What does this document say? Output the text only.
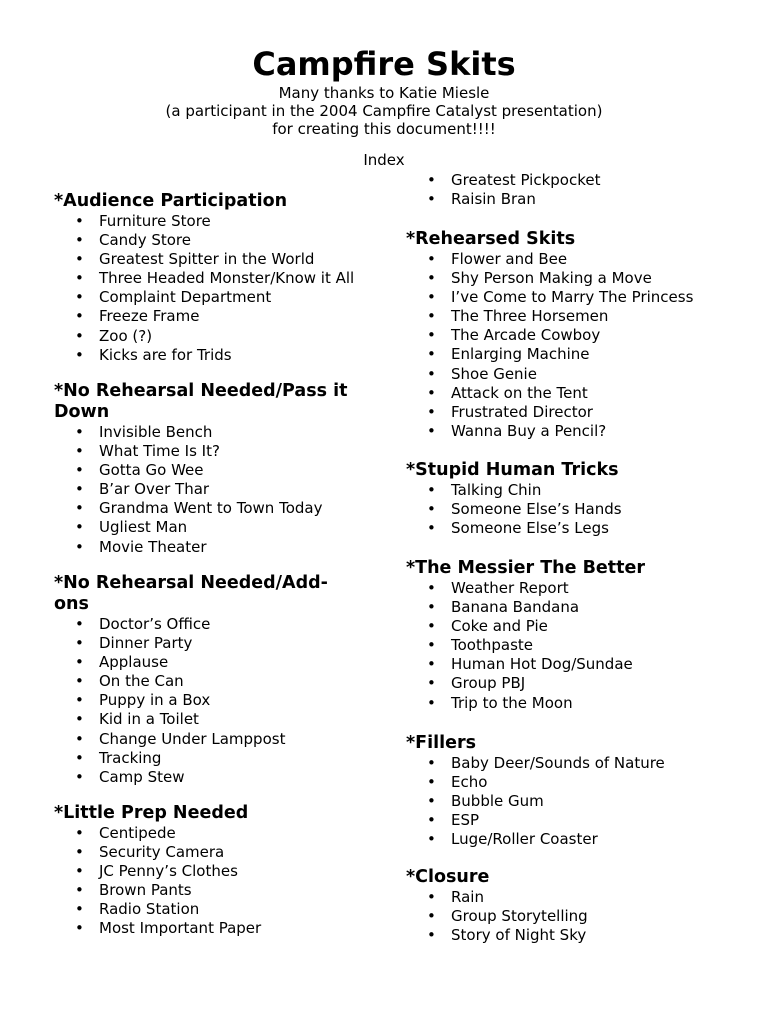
Campfire Skits
Many thanks to Katie Miesle
(a participant in the 2004 Campfire Catalyst presentation)
for creating this document!!!!
Index
*Audience Participation
• Furniture Store
• Candy Store
• Greatest Spitter in the World
• Three Headed Monster/Know it All
• Complaint Department
• Freeze Frame
• Zoo (?)
• Kicks are for Trids
*No Rehearsal Needed/Pass it
Down
• Invisible Bench
• What Time Is It?
• Gotta Go Wee
• B’ar Over Thar
• Grandma Went to Town Today
• Ugliest Man
• Movie Theater
*No Rehearsal Needed/Add-
ons
• Doctor’s Office
• Dinner Party
• Applause
• On the Can
• Puppy in a Box
• Kid in a Toilet
• Change Under Lamppost
• Tracking
• Camp Stew
*Little Prep Needed
• Centipede
• Security Camera
• JC Penny’s Clothes
• Brown Pants
• Radio Station
• Most Important Paper
• Greatest Pickpocket
• Raisin Bran
*Rehearsed Skits
• Flower and Bee
• Shy Person Making a Move
• I’ve Come to Marry The Princess
• The Three Horsemen
• The Arcade Cowboy
• Enlarging Machine
• Shoe Genie
• Attack on the Tent
• Frustrated Director
• Wanna Buy a Pencil?
*Stupid Human Tricks
• Talking Chin
• Someone Else’s Hands
• Someone Else’s Legs
*The Messier The Better
• Weather Report
• Banana Bandana
• Coke and Pie
• Toothpaste
• Human Hot Dog/Sundae
• Group PBJ
• Trip to the Moon
*Fillers
• Baby Deer/Sounds of Nature
• Echo
• Bubble Gum
• ESP
• Luge/Roller Coaster
*Closure
• Rain
• Group Storytelling
• Story of Night Sky
